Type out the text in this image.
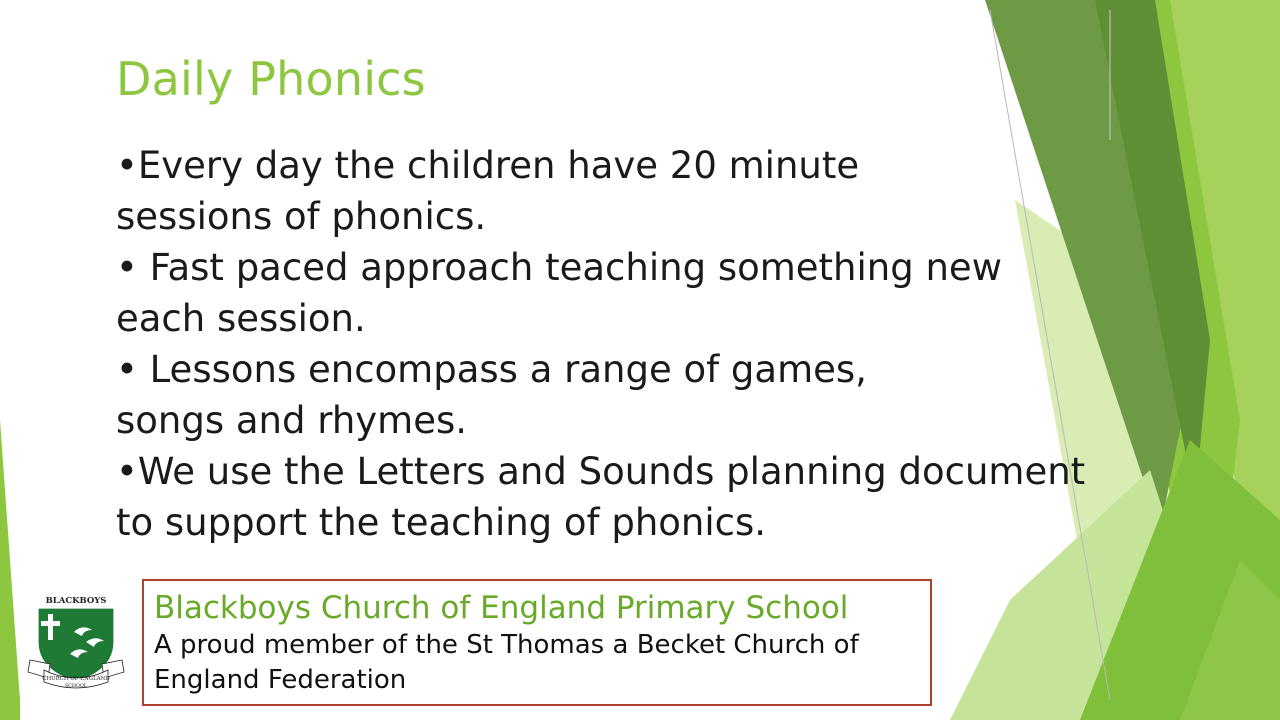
Daily Phonics
•Every day the children have 20 minute
sessions of phonics.
• Fast paced approach teaching something new
each session.
• Lessons encompass a range of games,
songs and rhymes.
•We use the Letters and Sounds planning document
to support the teaching of phonics.
BLACKBOYS
CHURCH OF ENGLAND
SCHOOL
Blackboys Church of England Primary School
A proud member of the St Thomas a Becket Church of
England Federation
